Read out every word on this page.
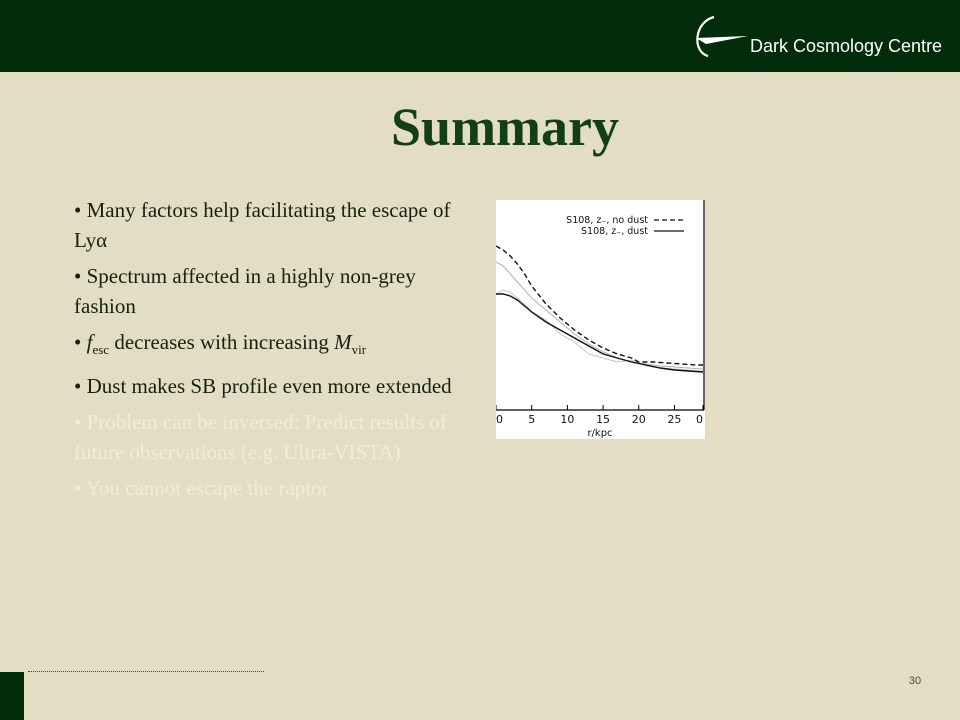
Dark Cosmology Centre
Summary
• Many factors help facilitating the escape of Lyα
• Spectrum affected in a highly non-grey fashion
• $f_{esc}$ decreases with increasing $M_{vir}$
• Dust makes SB profile even more extended
• Problem can be inversed: Predict results of future observations (e.g. Ultra-VISTA)
• You cannot escape the raptor
0 5 10 15 20 25 0
r/kpc
S108, z₋, no dust
S108, z₋, dust
30
